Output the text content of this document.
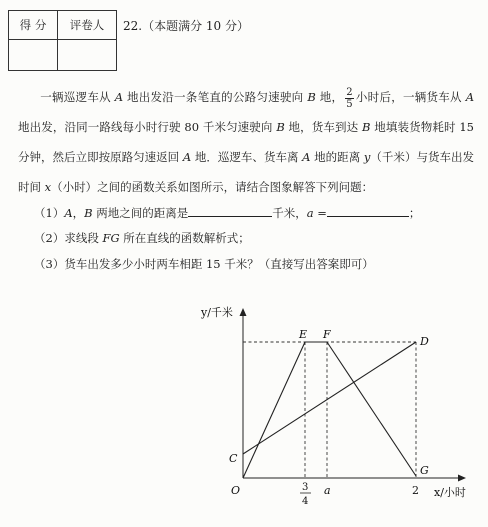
得 分	评卷人
	22.（本题满分 10 分）
一辆巡逻车从 A 地出发沿一条笔直的公路匀速驶向 B 地， $\frac{2}{5}$ 小时后，一辆货车从 A 地出发，沿同一路线每小时行驶 80 千米匀速驶向 B 地，货车到达 B 地填装货物耗时 15 分钟，然后立即按原路匀速返回 A 地．巡逻车、货车离 A 地的距离 y（千米）与货车出发时间 x（小时）之间的函数关系如图所示，请结合图象解答下列问题：
（1）A，B 两地之间的距离是	千米，a =	；
（2）求线段 FG 所在直线的函数解析式；
（3）货车出发多少小时两车相距 15 千米？（直接写出答案即可）
y/千米
x/小时
O
E F
D
C
G
a	2
3
4
